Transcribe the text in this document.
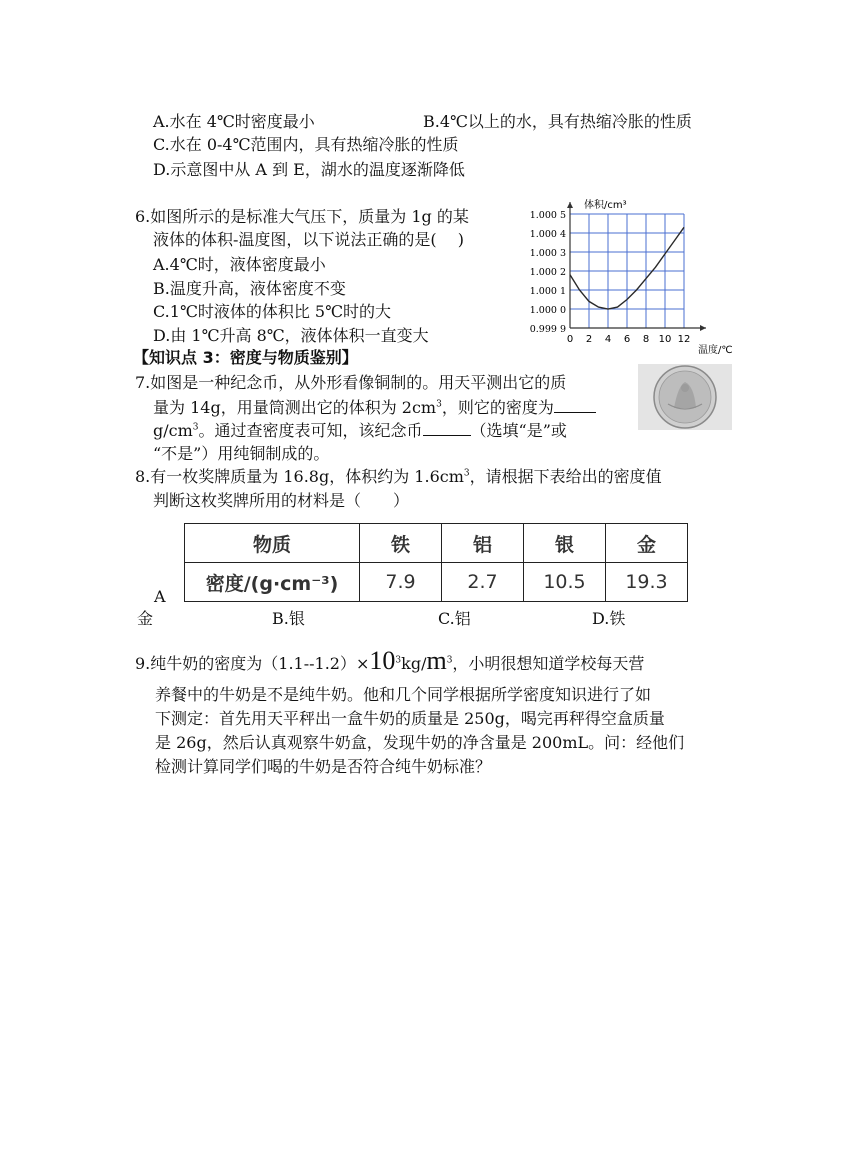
A.水在 4℃时密度最小	B.4℃以上的水，具有热缩冷胀的性质
C.水在 0-4℃范围内，具有热缩冷胀的性质
D.示意图中从 A 到 E，湖水的温度逐渐降低
6.如图所示的是标准大气压下，质量为 1g 的某
液体的体积-温度图，以下说法正确的是(　 )
A.4℃时，液体密度最小
B.温度升高，液体密度不变
C.1℃时液体的体积比 5℃时的大
D.由 1℃升高 8℃，液体体积一直变大	0 2 4 6 8 10 12
0.999 9
1.000 0
1.000 1
1.000 2
1.000 3
1.000 4
1.000 5
体积/cm³
温度/℃
【知识点 3：密度与物质鉴别】
7.如图是一种纪念币，从外形看像铜制的。用天平测出它的质
量为 14g，用量筒测出它的体积为 $2cm^3$，则它的密度为
$g/cm^3$。通过查密度表可知，该纪念币	（选填“是”或
“不是”）用纯铜制成的。
8.有一枚奖牌质量为 16.8g，体积约为 $1.6cm^3$，请根据下表给出的密度值
判断这枚奖牌所用的材料是（　　）
物质	铁	铝	银	金
密度/(g·cm⁻³)	7.9	2.7	10.5	19.3
A
金	B.银	C.铝	D.铁
9.纯牛奶的密度为$(1.1--1.2)\times 10^3kg/m^3$，小明很想知道学校每天营
养餐中的牛奶是不是纯牛奶。他和几个同学根据所学密度知识进行了如
下测定：首先用天平秤出一盒牛奶的质量是 250g，喝完再秤得空盒质量
是 26g，然后认真观察牛奶盒，发现牛奶的净含量是 200mL。问：经他们
检测计算同学们喝的牛奶是否符合纯牛奶标准？
